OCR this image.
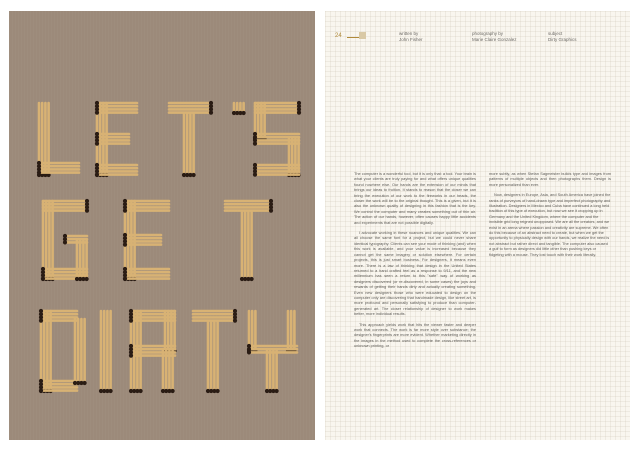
24	written by
John Fisher
photography by
Marie Claire Gonzalez
subject
Dirty Graphics

The computer is a wonderful tool, but it is only that: a tool. Your brain is what your clients are truly paying for and what offers unique qualities found nowhere else. Our hands are the extension of our minds that brings our ideas to fruition. It stands to reason that the closer we can bring the execution of our work to the fireworks in our heads, the closer the work will be to the original thought. This is a given, but it is also the unknown quality of designing in this fashion that is the key. We control the computer and many creates something out of thin air. The action of our hands, however, often causes happy little accidents and experiments that are not possible digitally.

I advocate working in these nuances and unique qualities. We can all choose the same font for a project, but we could never share identical typography. Clients can see your mode of thinking (and) when this work is available, and your value is increased because they cannot get the same imagery or solution elsewhere. For certain projects, this is just smart business. For designers, it means even more. There is a law of thinking that design in the United States returned to a hand crafted feel as a response to 9/11, and the new millennium has seen a return to this "safe" way of working as designers discovered (or re-discovered, in some cases) the joys and rewards of getting their hands dirty and actually creating something. Even new designers those who were educated to design on the computer only are discovering that handmade design, like street art, is more profound and personally satisfying to produce than computer-generated art. The closer relationship of designer to work makes better, more individual results.

This approach yields work that hits the viewer faster and deeper work that connects. The work is far more style over substance; the designer's fingerprints are more evident. Whether marketing directly in the images in the method used to complete the cross-references or unknown printing, or

more subtly, as when Stefan Sagmeister builds type and images from patterns of multiple objects and then photographs them. Design is more personalized than ever.

Now, designers in Europe, Asia, and South America have joined the ranks of purveyors of hand-drawn type and imperfect photography and illustration. Designers in Mexico and Cuba have continued a long held tradition of this type of execution, but now we see it cropping up in Germany and the United Kingdom, where the computer and the invisible grid long reigned unopposed. We are all the creators, and we exist in an arena where passion and creativity are supreme. We often do this because of an abstract need to create, but when we get the opportunity to physically design with our hands, we realize the need is not abstract but rather direct and tangible. The computer also caused a gulf to form as designers did little other than pushing keys or fidgeting with a mouse. They lost touch with their work literally.
